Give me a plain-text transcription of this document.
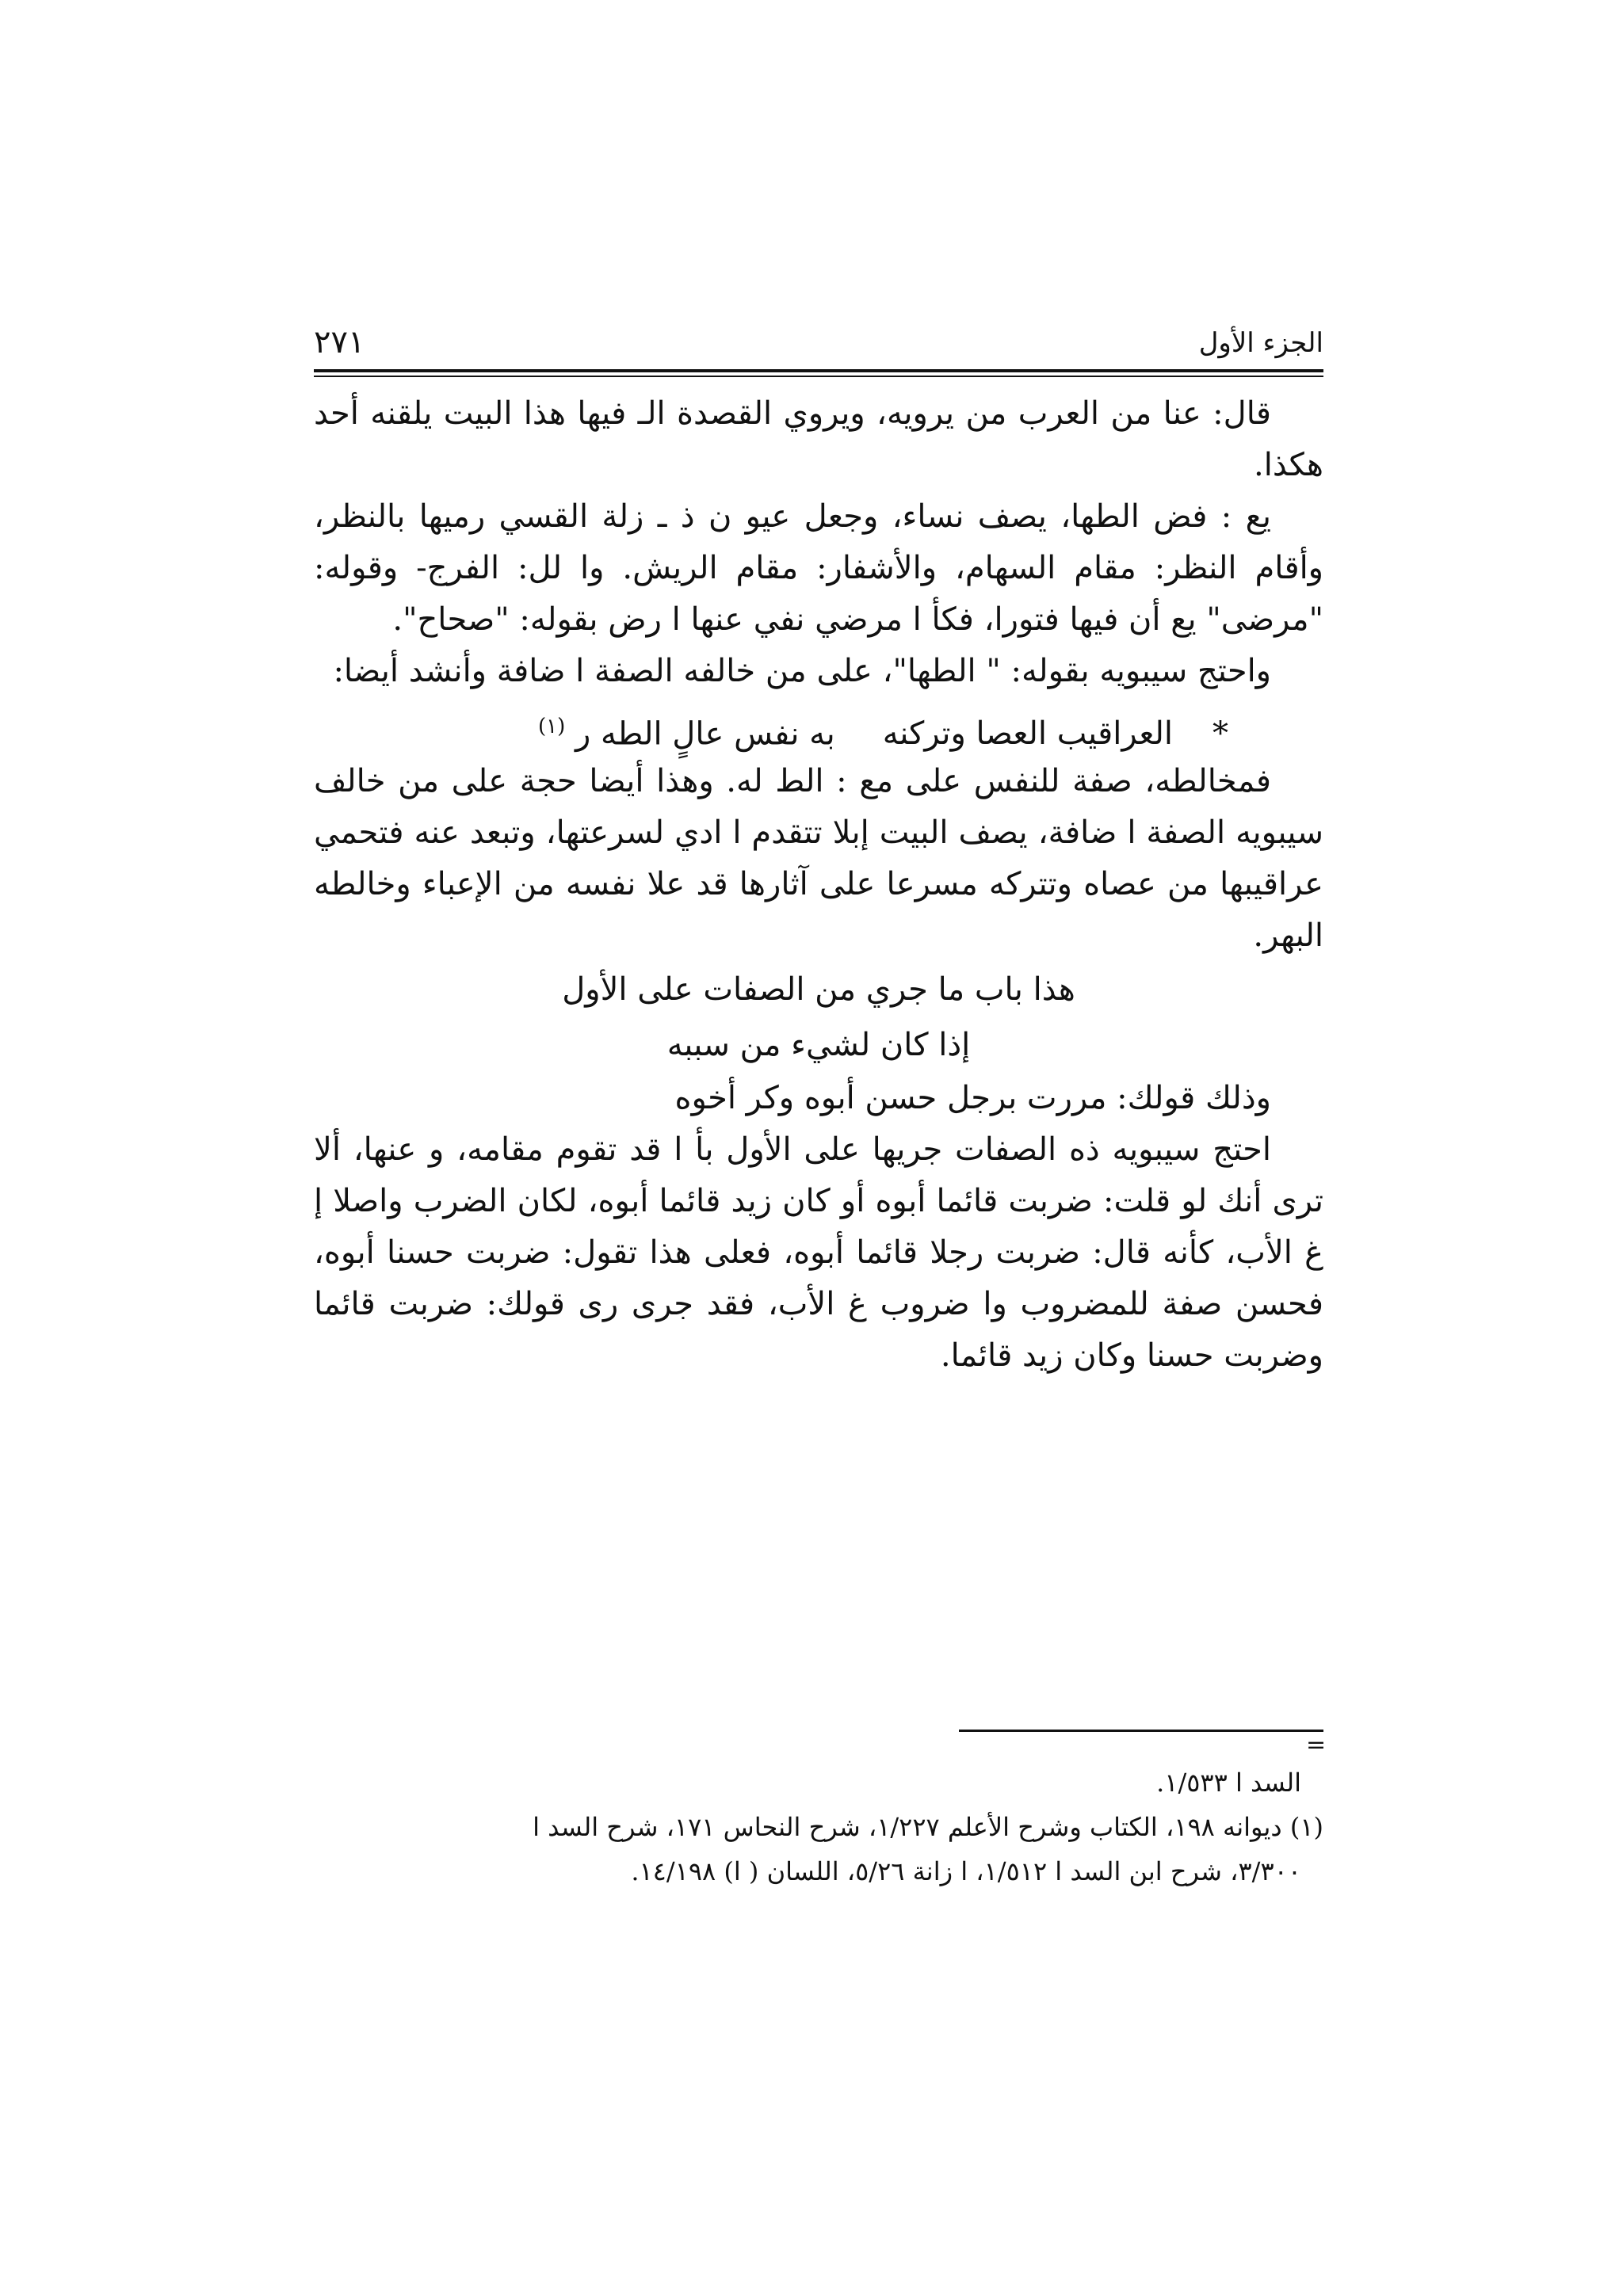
الجزء الأول
٢٧١

قال: عنا من العرب من يرويه، ويروي القصدة الـ فيها هذا البيت يلقنه أحد هكذا.

يع : فض الطها، يصف نساء، وجعل عيو ن ذ ـ زلة القسي رميها بالنظر، وأقام النظر: مقام السهام، والأشفار: مقام الريش. وا لل: الفرج- وقوله: "مرضى" يع أن فيها فتورا، فكأ ا مرضي نفي عنها ا رض بقوله: "صحاح".

واحتج سيبويه بقوله: " الطها"، على من خالفه الصفة ا ضافة وأنشد أيضا:

*العراقيب العصا وتركنهبه نفس عالٍ الطه ر $^{(١)}$

فمخالطه، صفة للنفس على مع : الط له. وهذا أيضا حجة على من خالف سيبويه الصفة ا ضافة، يصف البيت إبلا تتقدم ا ادي لسرعتها، وتبعد عنه فتحمي عراقيبها من عصاه وتتركه مسرعا على آثارها قد علا نفسه من الإعباء وخالطه البهر.

هذا باب ما جري من الصفات على الأول

إذا كان لشيء من سببه

وذلك قولك: مررت برجل حسن أبوه وكر أخوه

احتج سيبويه ذه الصفات جريها على الأول بأ ا قد تقوم مقامه، و عنها، ألا ترى أنك لو قلت: ضربت قائما أبوه أو كان زيد قائما أبوه، لكان الضرب واصلا إ غ الأب، كأنه قال: ضربت رجلا قائما أبوه، فعلى هذا تقول: ضربت حسنا أبوه، فحسن صفة للمضروب وا ضروب غ الأب، فقد جرى رى قولك: ضربت قائما وضربت حسنا وكان زيد قائما.

=

السد ا ١/٥٣٣.

(١) ديوانه ١٩٨، الكتاب وشرح الأعلم ١/٢٢٧، شرح النحاس ١٧١، شرح السد ا

٣/٣٠٠، شرح ابن السد ا ١/٥١٢، ا زانة ٥/٢٦، اللسان ( ا) ١٤/١٩٨.
